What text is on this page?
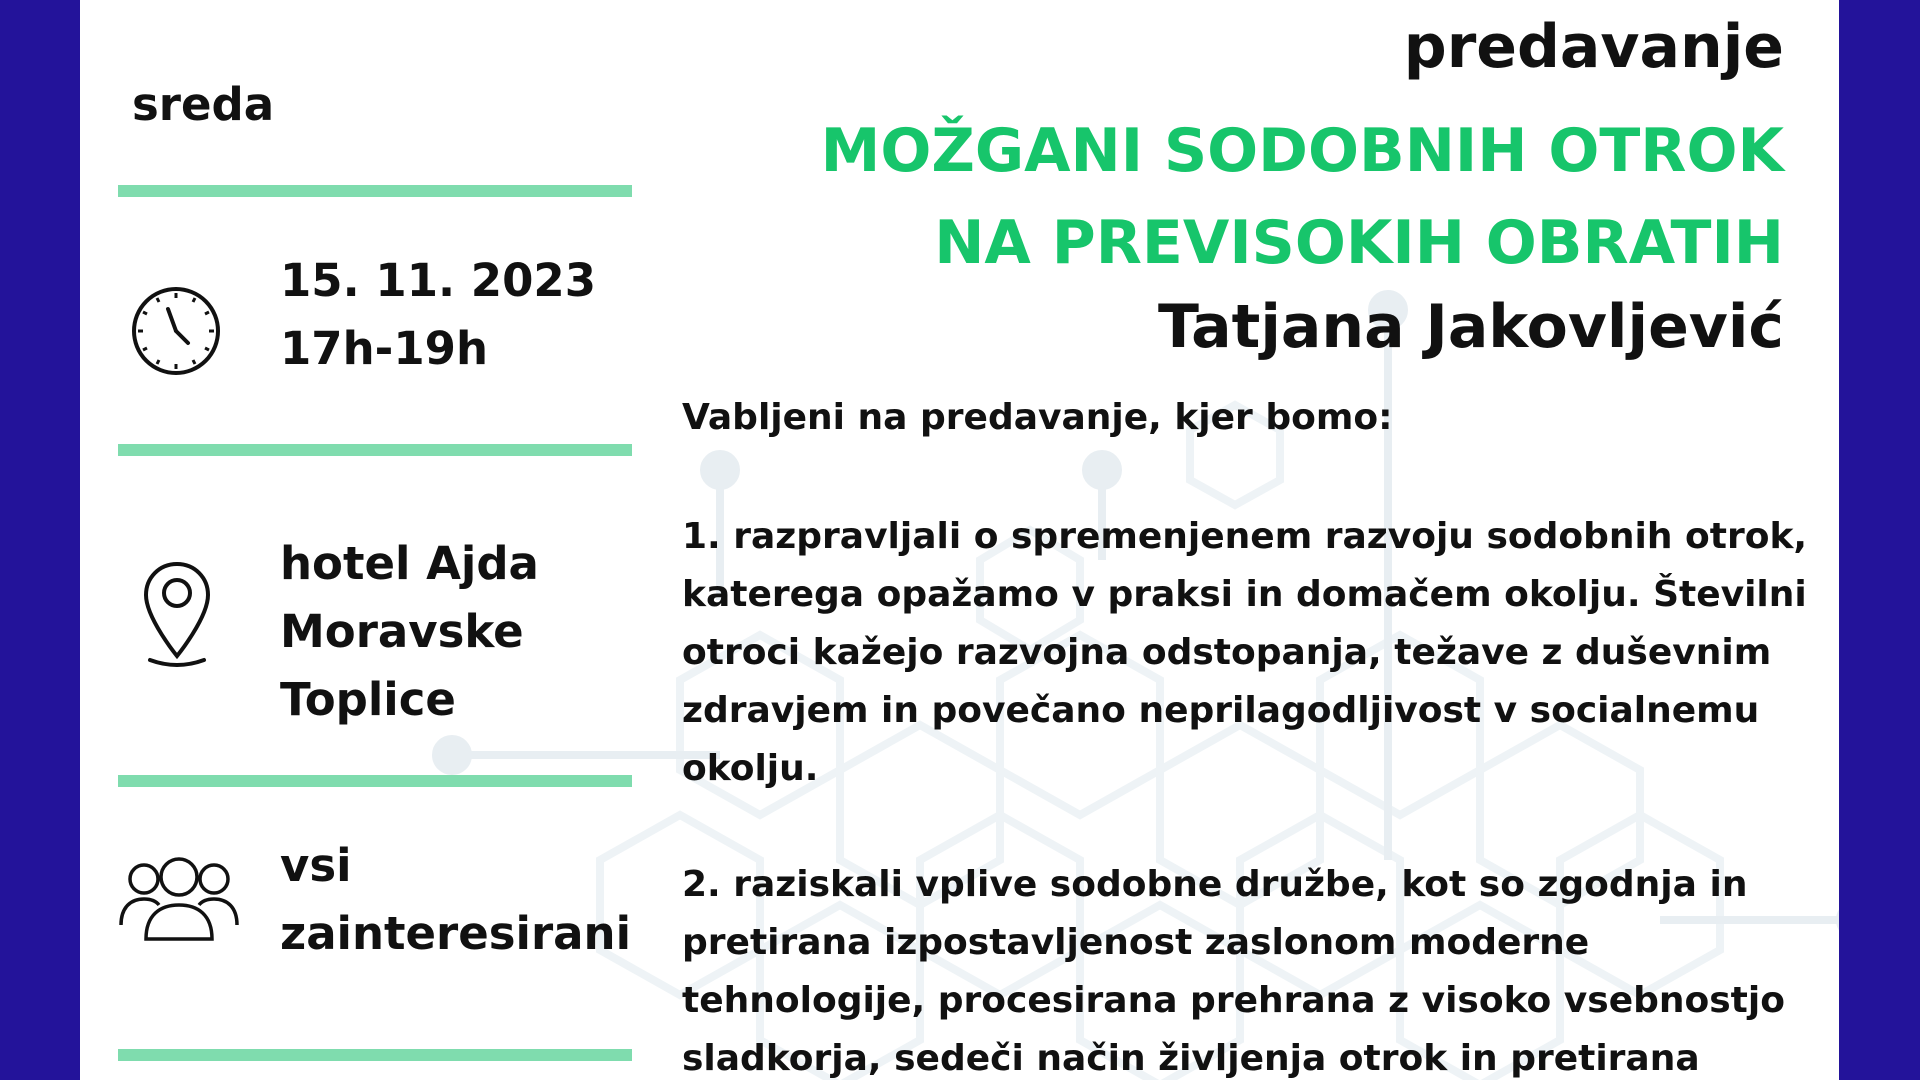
sreda
15. 11. 2023
17h-19h
hotel Ajda
Moravske
Toplice
vsi
zainteresirani
predavanje
MOŽGANI SODOBNIH OTROK NA PREVISOKIH OBRATIH
Tatjana Jakovljević
Vabljeni na predavanje, kjer bomo:
1. razpravljali o spremenjenem razvoju sodobnih otrok, katerega opažamo v praksi in domačem okolju. Številni otroci kažejo razvojna odstopanja, težave z duševnim zdravjem in povečano neprilagodljivost v socialnemu okolju.
2. raziskali vplive sodobne družbe, kot so zgodnja in pretirana izpostavljenost zaslonom moderne tehnologije, procesirana prehrana z visoko vsebnostjo sladkorja, sedeči način življenja otrok in pretirana
